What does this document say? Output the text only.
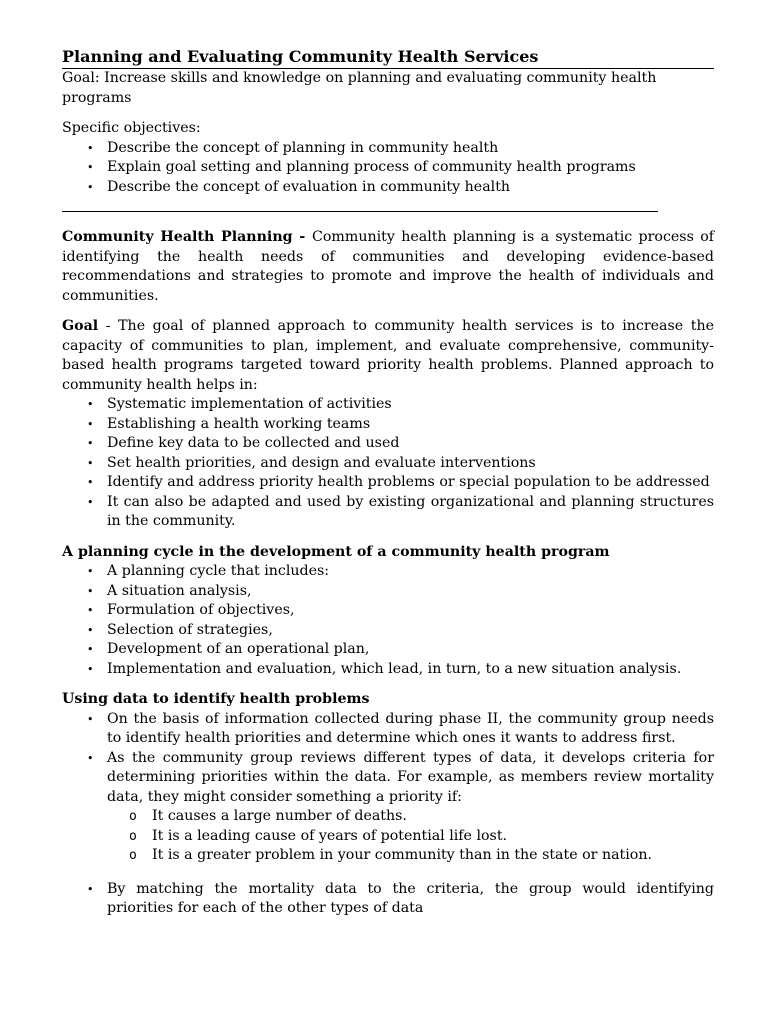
Planning and Evaluating Community Health Services

Goal: Increase skills and knowledge on planning and evaluating community health programs

Specific objectives:

• Describe the concept of planning in community health
• Explain goal setting and planning process of community health programs
• Describe the concept of evaluation in community health

Community Health Planning - Community health planning is a systematic process of identifying the health needs of communities and developing evidence-based recommendations and strategies to promote and improve the health of individuals and communities.

Goal - The goal of planned approach to community health services is to increase the capacity of communities to plan, implement, and evaluate comprehensive, community-based health programs targeted toward priority health problems. Planned approach to community health helps in:

• Systematic implementation of activities
• Establishing a health working teams
• Define key data to be collected and used
• Set health priorities, and design and evaluate interventions
• Identify and address priority health problems or special population to be addressed
• It can also be adapted and used by existing organizational and planning structures in the community.

A planning cycle in the development of a community health program

• A planning cycle that includes:
• A situation analysis,
• Formulation of objectives,
• Selection of strategies,
• Development of an operational plan,
• Implementation and evaluation, which lead, in turn, to a new situation analysis.

Using data to identify health problems

• On the basis of information collected during phase II, the community group needs to identify health priorities and determine which ones it wants to address first.
• As the community group reviews different types of data, it develops criteria for determining priorities within the data. For example, as members review mortality data, they might consider something a priority if:
o It causes a large number of deaths.
o It is a leading cause of years of potential life lost.
o It is a greater problem in your community than in the state or nation.
• By matching the mortality data to the criteria, the group would identifying priorities for each of the other types of data
